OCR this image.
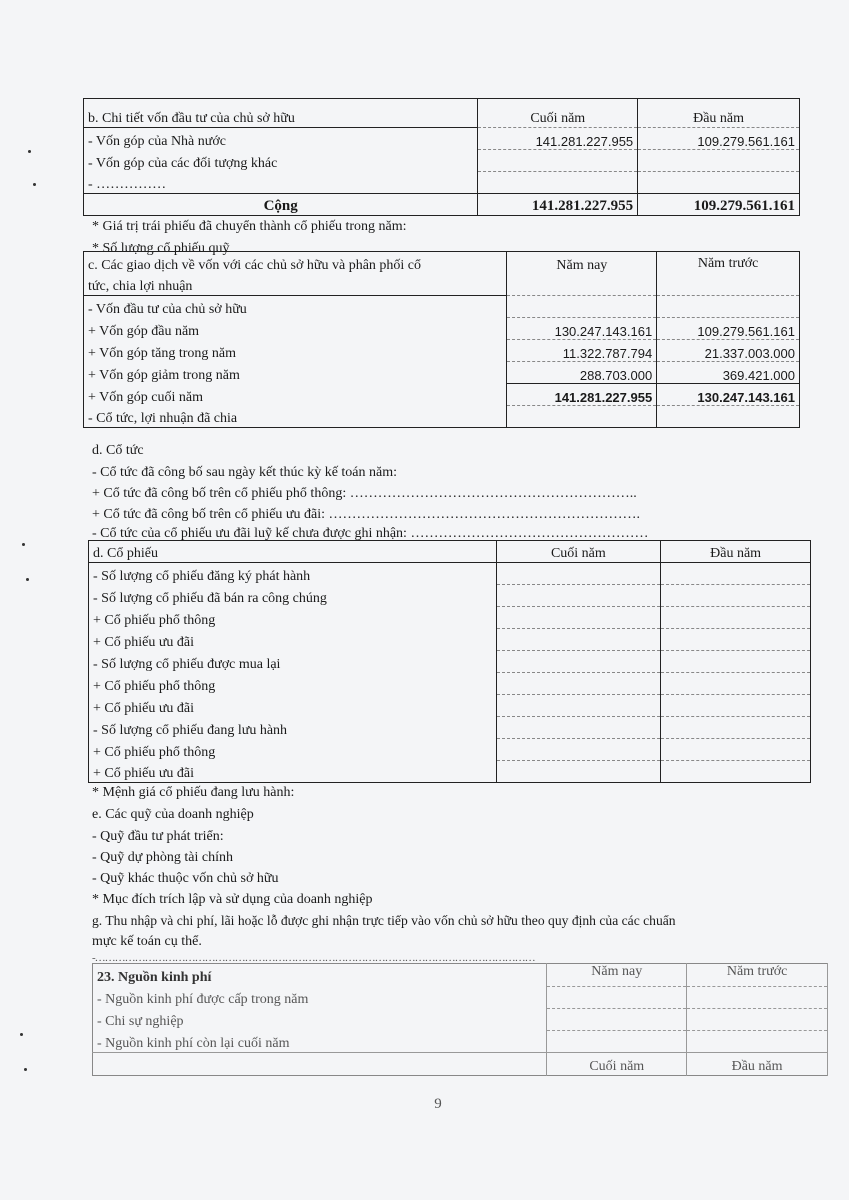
b. Chi tiết vốn đầu tư của chủ sở hữu	Cuối năm	Đầu năm
- Vốn góp của Nhà nước	141.281.227.955	109.279.561.161
- Vốn góp của các đối tượng khác		
- ……………		
Cộng	141.281.227.955	109.279.561.161
* Giá trị trái phiếu đã chuyển thành cổ phiếu trong năm:
* Số lượng cổ phiếu quỹ
c. Các giao dịch về vốn với các chủ sở hữu và phân phối cổ	Năm nay	Năm trước
tức, chia lợi nhuận		
- Vốn đầu tư của chủ sở hữu		
+ Vốn góp đầu năm	130.247.143.161	109.279.561.161
+ Vốn góp tăng trong năm	11.322.787.794	21.337.003.000
+ Vốn góp giảm trong năm	288.703.000	369.421.000
+ Vốn góp cuối năm	141.281.227.955	130.247.143.161
- Cổ tức, lợi nhuận đã chia		
d. Cổ tức
- Cổ tức đã công bố sau ngày kết thúc kỳ kế toán năm:
+ Cổ tức đã công bố trên cổ phiếu phổ thông: ……………………………………………………..
+ Cổ tức đã công bố trên cổ phiếu ưu đãi: ………………………………………………………….
- Cổ tức của cổ phiếu ưu đãi luỹ kế chưa được ghi nhận: ……………………………………………
d. Cổ phiếu	Cuối năm	Đầu năm
- Số lượng cổ phiếu đăng ký phát hành		
- Số lượng cổ phiếu đã bán ra công chúng		
+ Cổ phiếu phổ thông		
+ Cổ phiếu ưu đãi		
- Số lượng cổ phiếu được mua lại		
+ Cổ phiếu phổ thông		
+ Cổ phiếu ưu đãi		
- Số lượng cổ phiếu đang lưu hành		
+ Cổ phiếu phổ thông		
+ Cổ phiếu ưu đãi		
* Mệnh giá cổ phiếu đang lưu hành:
e. Các quỹ của doanh nghiệp
- Quỹ đầu tư phát triển:
- Quỹ dự phòng tài chính
- Quỹ khác thuộc vốn chủ sở hữu
* Mục đích trích lập và sử dụng của doanh nghiệp
g. Thu nhập và chi phí, lãi hoặc lỗ được ghi nhận trực tiếp vào vốn chủ sở hữu theo quy định của các chuẩn
mực kế toán cụ thể.
-……………………………………………………………………………………………………………………
23. Nguồn kinh phí	Năm nay	Năm trước
- Nguồn kinh phí được cấp trong năm		
- Chi sự nghiệp		
- Nguồn kinh phí còn lại cuối năm		
	Cuối năm	Đầu năm
9
